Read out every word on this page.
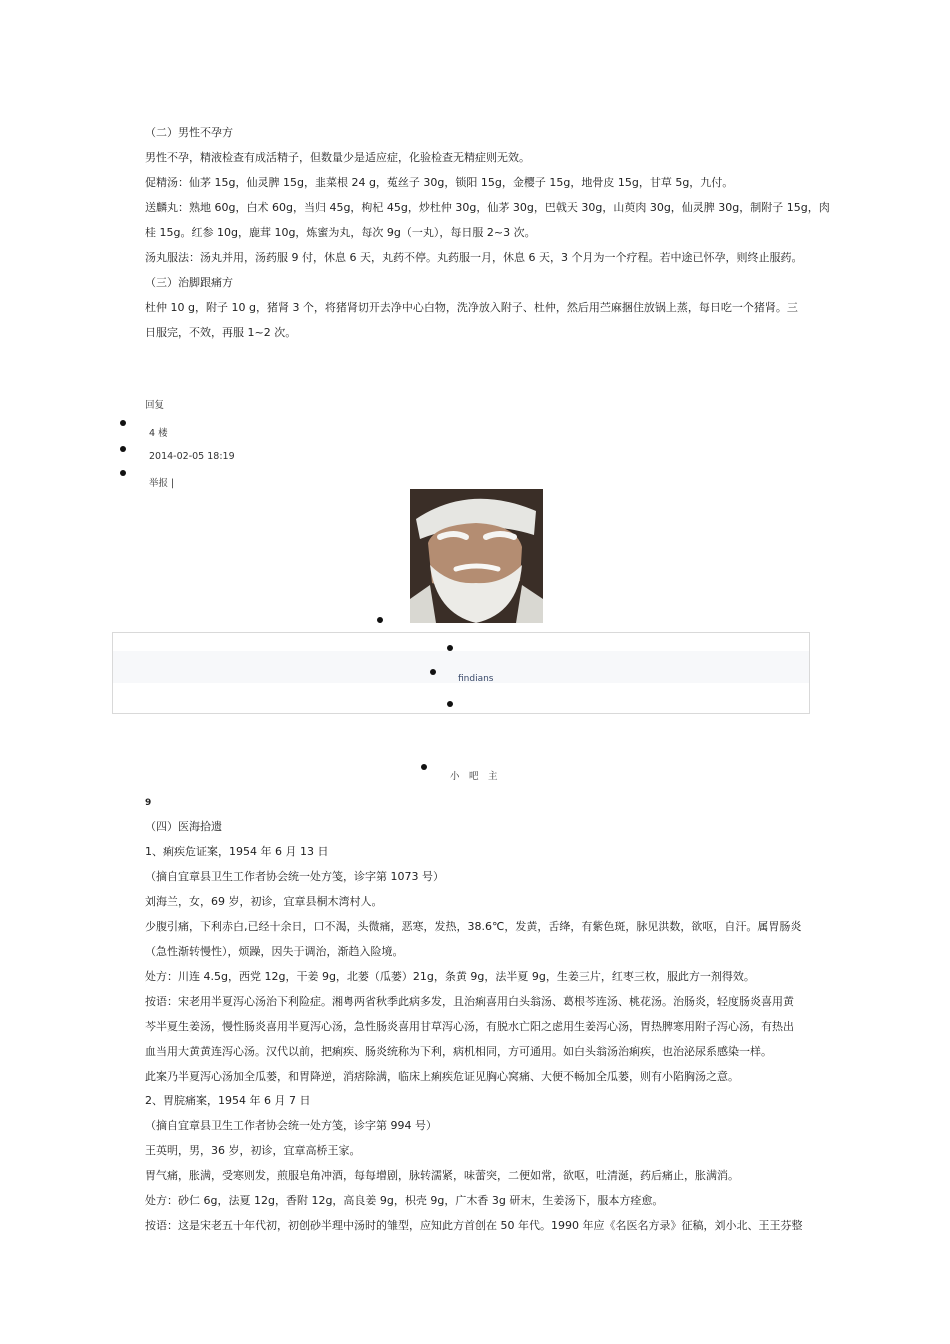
（二）男性不孕方
男性不孕，精液检查有成活精子，但数量少是适应症，化验检查无精症则无效。
促精汤：仙茅 15g，仙灵脾 15g，韭菜根 24 g，菟丝子 30g，锁阳 15g，金樱子 15g，地骨皮 15g，甘草 5g，九付。
送麟丸：熟地 60g，白术 60g，当归 45g，枸杞 45g，炒杜仲 30g，仙茅 30g，巴戟天 30g，山萸肉 30g，仙灵脾 30g，制附子 15g，肉
桂 15g。红参 10g，鹿茸 10g，炼蜜为丸，每次 9g（一丸），每日服 2~3 次。
汤丸服法：汤丸并用，汤药服 9 付，休息 6 天，丸药不停。丸药服一月，休息 6 天，3 个月为一个疗程。若中途已怀孕，则终止服药。
（三）治脚跟痛方
杜仲 10 g，附子 10 g，猪肾 3 个，将猪肾切开去净中心白物，洗净放入附子、杜仲，然后用苎麻捆住放锅上蒸，每日吃一个猪肾。三
日服完，不效，再服 1~2 次。
回复
4 楼
2014-02-05 18:19
举报 |
findians
小　吧　主
9
（四）医海拾遗
1、痢疾危证案，1954 年 6 月 13 日
（摘自宜章县卫生工作者协会统一处方笺，诊字第 1073 号）
刘海兰，女，69 岁，初诊，宜章县桐木湾村人。
少腹引痛，下利赤白,已经十余日，口不渴，头微痛，恶寒，发热，38.6℃，发黄，舌绛，有紫色斑，脉见洪数，欲呕，自汗。属胃肠炎
（急性渐转慢性），烦躁，因失于调治，渐趋入险境。
处方：川连 4.5g，西党 12g，干姜 9g，北蒌（瓜蒌）21g，条黄 9g，法半夏 9g，生姜三片，红枣三枚，服此方一剂得效。
按语：宋老用半夏泻心汤治下利险症。湘粤两省秋季此病多发，且治痢喜用白头翁汤、葛根芩连汤、桃花汤。治肠炎，轻度肠炎喜用黄
芩半夏生姜汤，慢性肠炎喜用半夏泻心汤，急性肠炎喜用甘草泻心汤，有脱水亡阳之虑用生姜泻心汤，胃热脾寒用附子泻心汤，有热出
血当用大黄黄连泻心汤。汉代以前，把痢疾、肠炎统称为下利，病机相同，方可通用。如白头翁汤治痢疾，也治泌尿系感染一样。
此案乃半夏泻心汤加全瓜蒌，和胃降逆，消痞除满，临床上痢疾危证见胸心窝痛、大便不畅加全瓜蒌，则有小陷胸汤之意。
2、胃脘痛案，1954 年 6 月 7 日
（摘自宜章县卫生工作者协会统一处方笺，诊字第 994 号）
王英明，男，36 岁，初诊，宜章高桥王家。
胃气痛，胀满，受寒则发，煎服皂角冲酒，每每增剧，脉转濡紧，味蕾突，二便如常，欲呕，吐清涎，药后痛止，胀满消。
处方：砂仁 6g，法夏 12g，香附 12g，高良姜 9g，枳壳 9g，广木香 3g 研末，生姜汤下，服本方痊愈。
按语：这是宋老五十年代初，初创砂半理中汤时的雏型，应知此方首创在 50 年代。1990 年应《名医名方录》征稿，刘小北、王王芬整
